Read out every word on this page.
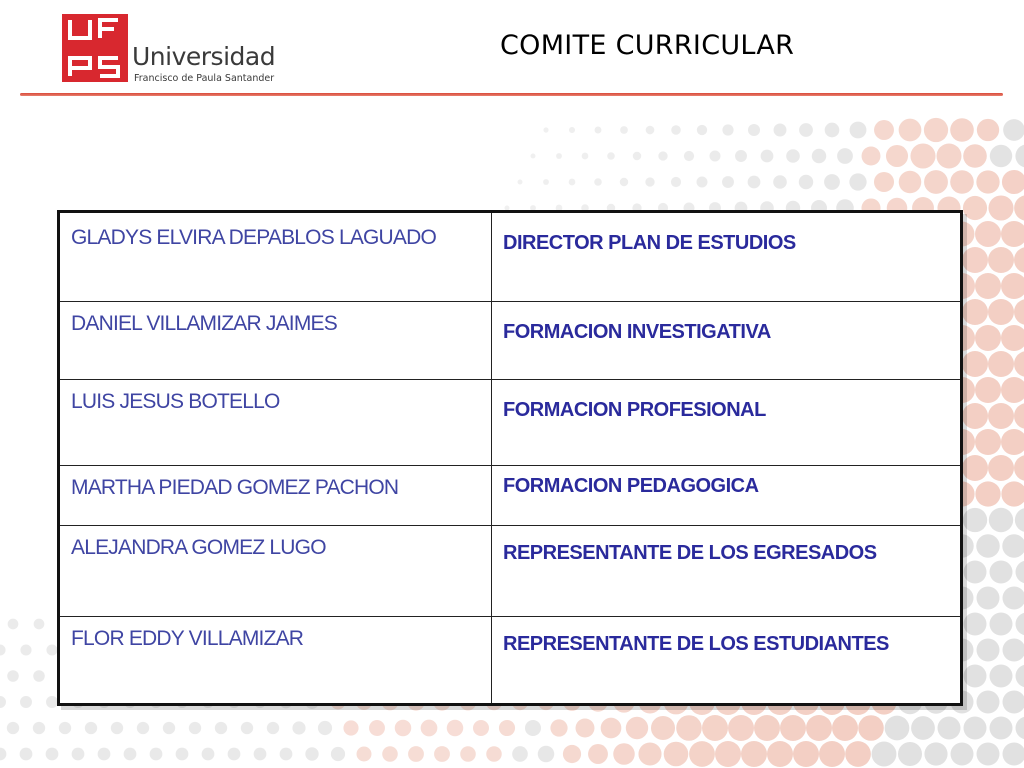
Universidad
Francisco de Paula Santander
COMITE CURRICULAR
GLADYS ELVIRA DEPABLOS LAGUADO	DIRECTOR PLAN DE ESTUDIOS
DANIEL VILLAMIZAR JAIMES	FORMACION INVESTIGATIVA
LUIS JESUS BOTELLO	FORMACION PROFESIONAL
MARTHA PIEDAD GOMEZ PACHON	FORMACION PEDAGOGICA
ALEJANDRA GOMEZ LUGO	REPRESENTANTE DE LOS EGRESADOS
FLOR EDDY VILLAMIZAR	REPRESENTANTE DE LOS ESTUDIANTES
